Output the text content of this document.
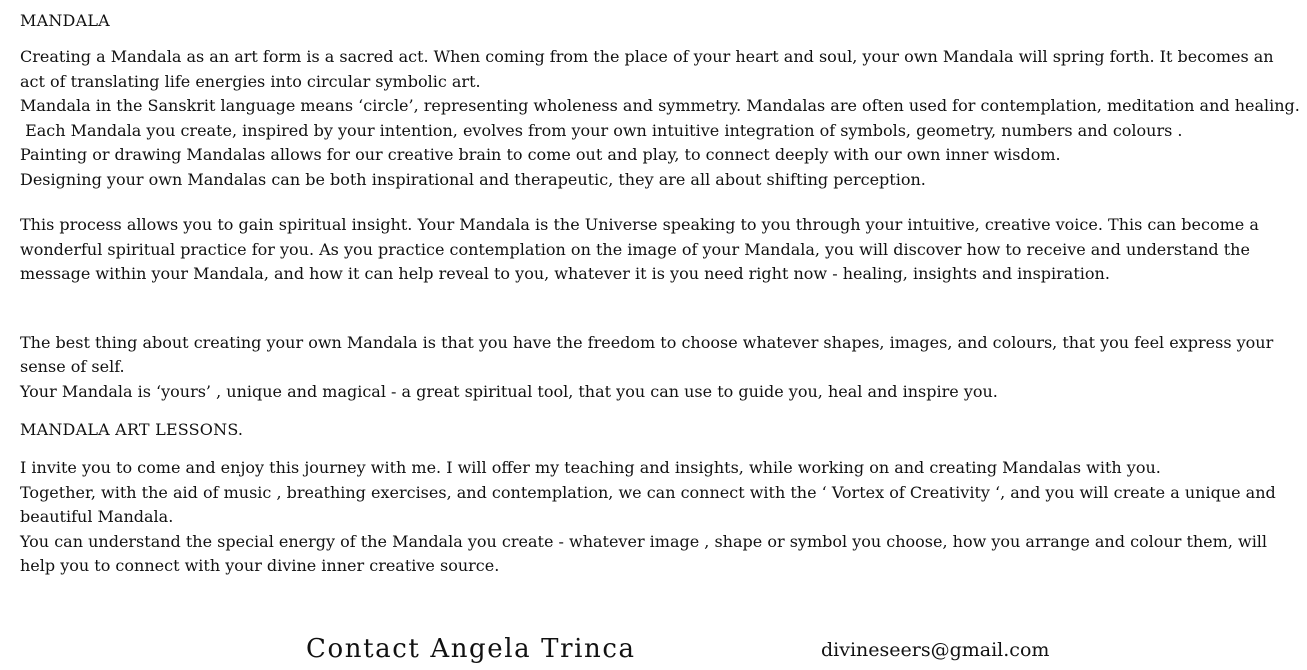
MANDALA
Creating a Mandala as an art form is a sacred act. When coming from the place of your heart and soul, your own Mandala will spring forth. It becomes an act of translating life energies into circular symbolic art.
Mandala in the Sanskrit language means ‘circle’, representing wholeness and symmetry. Mandalas are often used for contemplation, meditation and healing.
Each Mandala you create, inspired by your intention, evolves from your own intuitive integration of symbols, geometry, numbers and colours .
Painting or drawing Mandalas allows for our creative brain to come out and play, to connect deeply with our own inner wisdom.
Designing your own Mandalas can be both inspirational and therapeutic, they are all about shifting perception.
This process allows you to gain spiritual insight. Your Mandala is the Universe speaking to you through your intuitive, creative voice. This can become a wonderful spiritual practice for you. As you practice contemplation on the image of your Mandala, you will discover how to receive and understand the message within your Mandala, and how it can help reveal to you, whatever it is you need right now - healing, insights and inspiration.
The best thing about creating your own Mandala is that you have the freedom to choose whatever shapes, images, and colours, that you feel express your sense of self.
Your Mandala is ‘yours’ , unique and magical - a great spiritual tool, that you can use to guide you, heal and inspire you.
MANDALA ART LESSONS.
I invite you to come and enjoy this journey with me. I will offer my teaching and insights, while working on and creating Mandalas with you.
Together, with the aid of music , breathing exercises, and contemplation, we can connect with the ‘ Vortex of Creativity ‘, and you will create a unique and beautiful Mandala.
You can understand the special energy of the Mandala you create - whatever image , shape or symbol you choose, how you arrange and colour them, will help you to connect with your divine inner creative source.
Contact Angela Trinca	divineseers@gmail.com
